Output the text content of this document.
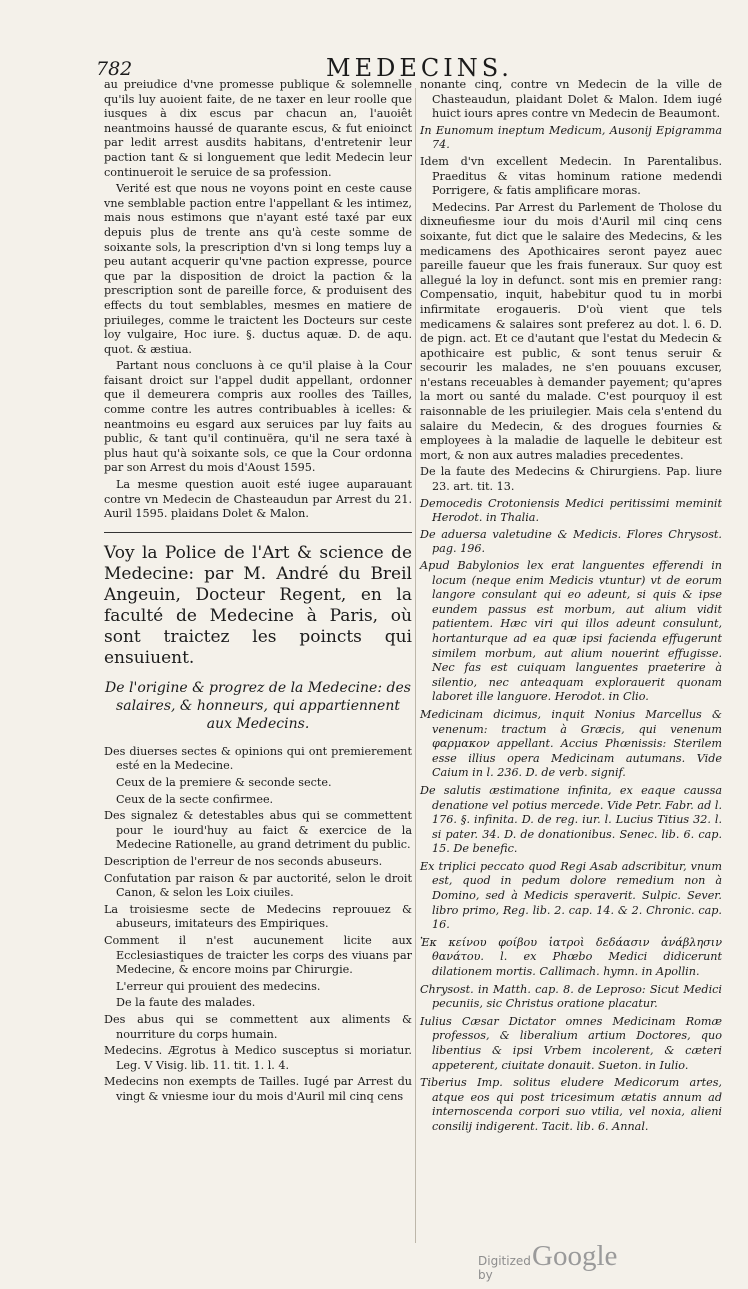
782	MEDECINS.

au preiudice d'vne promesse publique & solemnelle qu'ils luy auoient faite, de ne taxer en leur roolle que iusques à dix escus par chacun an, l'auoiêt neantmoins haussé de quarante escus, & fut enioinct par ledit arrest ausdits habitans, d'entretenir leur paction tant & si longuement que ledit Medecin leur continueroit le seruice de sa profession.

Verité est que nous ne voyons point en ceste cause vne semblable paction entre l'appellant & les intimez, mais nous estimons que n'ayant esté taxé par eux depuis plus de trente ans qu'à ceste somme de soixante sols, la prescription d'vn si long temps luy a peu autant acquerir qu'vne paction expresse, pource que par la disposition de droict la paction & la prescription sont de pareille force, & produisent des effects du tout semblables, mesmes en matiere de priuileges, comme le traictent les Docteurs sur ceste loy vulgaire, Hoc iure. §. ductus aquæ. D. de aqu. quot. & æstiua.

Partant nous concluons à ce qu'il plaise à la Cour faisant droict sur l'appel dudit appellant, ordonner que il demeurera compris aux roolles des Tailles, comme contre les autres contribuables à icelles: & neantmoins eu esgard aux seruices par luy faits au public, & tant qu'il continuëra, qu'il ne sera taxé à plus haut qu'à soixante sols, ce que la Cour ordonna par son Arrest du mois d'Aoust 1595.

La mesme question auoit esté iugee auparauant contre vn Medecin de Chasteaudun par Arrest du 21. Auril 1595. plaidans Dolet & Malon.

Voy la Police de l'Art & science de Medecine: par M. André du Breil Angeuin, Docteur Regent, en la faculté de Medecine à Paris, où sont traictez les poincts qui ensuiuent.

De l'origine & progrez de la Medecine: des salaires, & honneurs, qui appartiennent aux Medecins.

Des diuerses sectes & opinions qui ont premierement esté en la Medecine.

Ceux de la premiere & seconde secte.

Ceux de la secte confirmee.

Des signalez & detestables abus qui se commettent pour le iourd'huy au faict & exercice de la Medecine Rationelle, au grand detriment du public.

Description de l'erreur de nos seconds abuseurs.

Confutation par raison & par auctorité, selon le droit Canon, & selon les Loix ciuiles.

La troisiesme secte de Medecins reprouuez & abuseurs, imitateurs des Empiriques.

Comment il n'est aucunement licite aux Ecclesiastiques de traicter les corps des viuans par Medecine, & encore moins par Chirurgie.

L'erreur qui prouient des medecins.

De la faute des malades.

Des abus qui se commettent aux aliments & nourriture du corps humain.

Medecins. Ægrotus à Medico susceptus si moriatur. Leg. V Visig. lib. 11. tit. 1. l. 4.

Medecins non exempts de Tailles. Iugé par Arrest du vingt & vniesme iour du mois d'Auril mil cinq cens

nonante cinq, contre vn Medecin de la ville de Chasteaudun, plaidant Dolet & Malon. Idem iugé huict iours apres contre vn Medecin de Beaumont.

In Eunomum ineptum Medicum, Ausonij Epigramma 74.

Idem d'vn excellent Medecin. In Parentalibus. Praeditus & vitas hominum ratione medendi Porrigere, & fatis amplificare moras.

Medecins. Par Arrest du Parlement de Tholose du dixneufiesme iour du mois d'Auril mil cinq cens soixante, fut dict que le salaire des Medecins, & les medicamens des Apothicaires seront payez auec pareille faueur que les frais funeraux. Sur quoy est allegué la loy in defunct. sont mis en premier rang: Compensatio, inquit, habebitur quod tu in morbi infirmitate erogaueris. D'où vient que tels medicamens & salaires sont preferez au dot. l. 6. D. de pign. act. Et ce d'autant que l'estat du Medecin & apothicaire est public, & sont tenus seruir & secourir les malades, ne s'en pouuans excuser, n'estans receuables à demander payement; qu'apres la mort ou santé du malade. C'est pourquoy il est raisonnable de les priuilegier. Mais cela s'entend du salaire du Medecin, & des drogues fournies & employees à la maladie de laquelle le debiteur est mort, & non aux autres maladies precedentes.

De la faute des Medecins & Chirurgiens. Pap. liure 23. art. tit. 13.

Democedis Crotoniensis Medici peritissimi meminit Herodot. in Thalia.

De aduersa valetudine & Medicis. Flores Chrysost. pag. 196.

Apud Babylonios lex erat languentes efferendi in locum (neque enim Medicis vtuntur) vt de eorum langore consulant qui eo adeunt, si quis & ipse eundem passus est morbum, aut alium vidit patientem. Hæc viri qui illos adeunt consulunt, hortanturque ad ea quæ ipsi facienda effugerunt similem morbum, aut alium nouerint effugisse. Nec fas est cuiquam languentes praeterire à silentio, nec anteaquam explorauerit quonam laboret ille languore. Herodot. in Clio.

Medicinam dicimus, inquit Nonius Marcellus & venenum: tractum à Græcis, qui venenum φαρμακον appellant. Accius Phœnissis: Sterilem esse illius opera Medicinam autumans. Vide Caium in l. 236. D. de verb. signif.

De salutis æstimatione infinita, ex eaque caussa denatione vel potius mercede. Vide Petr. Fabr. ad l. 176. §. infinita. D. de reg. iur. l. Lucius Titius 32. l. si pater. 34. D. de donationibus. Senec. lib. 6. cap. 15. De benefic.

Ex triplici peccato quod Regi Asab adscribitur, vnum est, quod in pedum dolore remedium non à Domino, sed à Medicis speraverit. Sulpic. Sever. libro primo, Reg. lib. 2. cap. 14. & 2. Chronic. cap. 16.

Ἐκ κείνου φοίβου ἰατροὶ δεδάασιν ἀνάβλησιν θανάτου. l. ex Phœbo Medici didicerunt dilationem mortis. Callimach. hymn. in Apollin.

Chrysost. in Matth. cap. 8. de Leproso: Sicut Medici pecuniis, sic Christus oratione placatur.

Iulius Cæsar Dictator omnes Medicinam Romæ professos, & liberalium artium Doctores, quo libentius & ipsi Vrbem incolerent, & cæteri appeterent, ciuitate donauit. Sueton. in Iulio.

Tiberius Imp. solitus eludere Medicorum artes, atque eos qui post tricesimum ætatis annum ad internoscenda corpori suo vtilia, vel noxia, alieni consilij indigerent. Tacit. lib. 6. Annal.

Digitized by
Google
